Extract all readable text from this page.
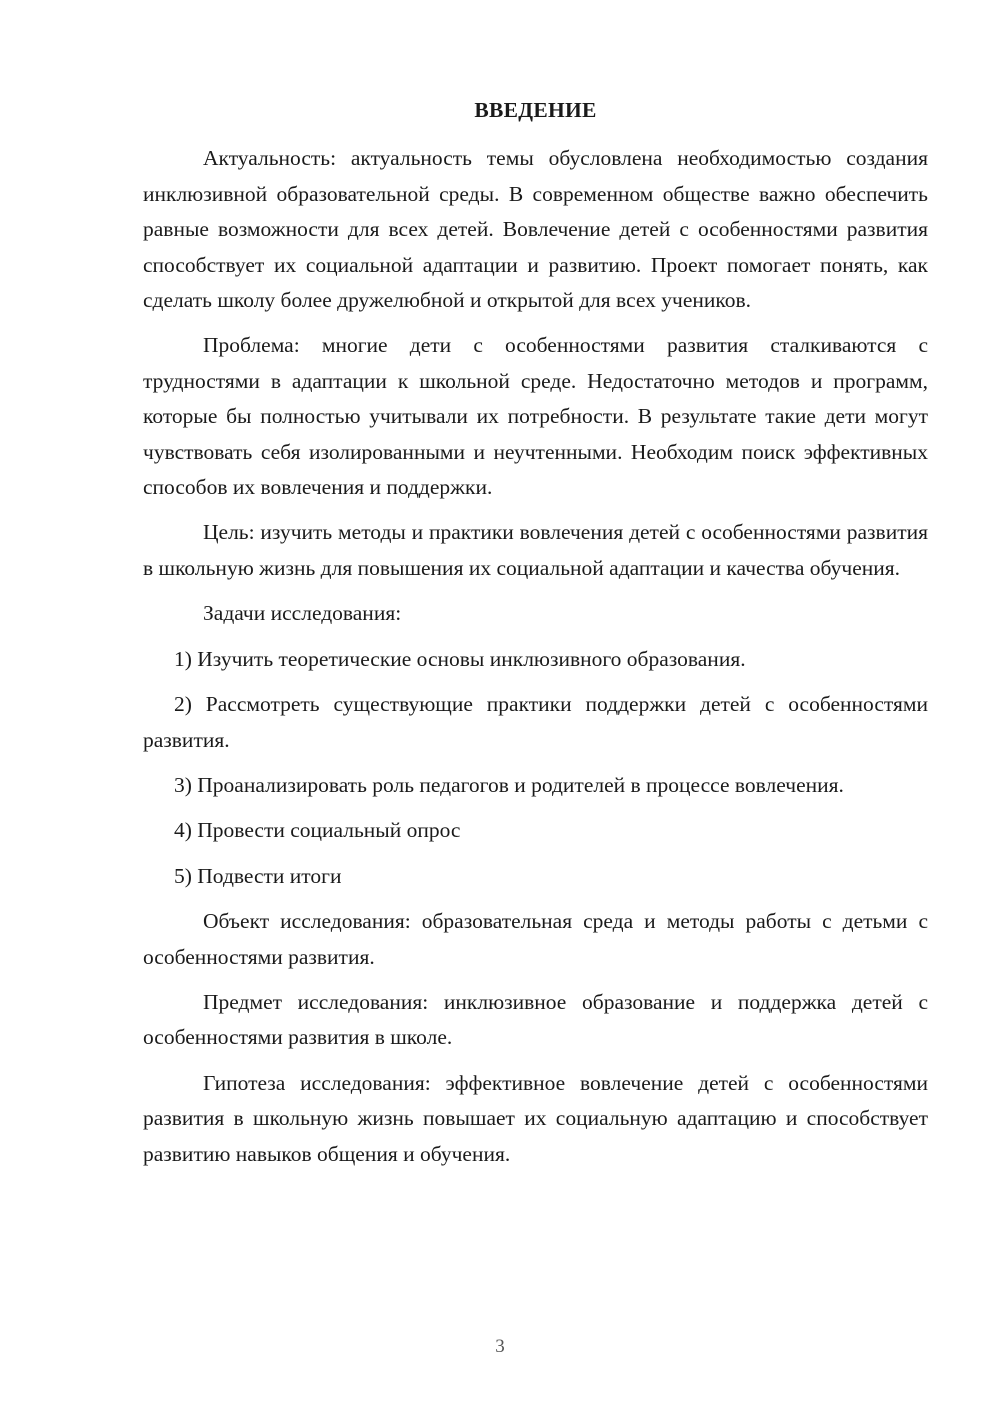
ВВЕДЕНИЕ

Актуальность: актуальность темы обусловлена необходимостью создания инклюзивной образовательной среды. В современном обществе важно обеспечить равные возможности для всех детей. Вовлечение детей с особенностями развития способствует их социальной адаптации и развитию. Проект помогает понять, как сделать школу более дружелюбной и открытой для всех учеников.

Проблема: многие дети с особенностями развития сталкиваются с трудностями в адаптации к школьной среде. Недостаточно методов и программ, которые бы полностью учитывали их потребности. В результате такие дети могут чувствовать себя изолированными и неучтенными. Необходим поиск эффективных способов их вовлечения и поддержки.

Цель: изучить методы и практики вовлечения детей с особенностями развития в школьную жизнь для повышения их социальной адаптации и качества обучения.

Задачи исследования:

1) Изучить теоретические основы инклюзивного образования.

2) Рассмотреть существующие практики поддержки детей с особенностями развития.

3) Проанализировать роль педагогов и родителей в процессе вовлечения.

4) Провести социальный опрос

5) Подвести итоги

Объект исследования: образовательная среда и методы работы с детьми с особенностями развития.

Предмет исследования: инклюзивное образование и поддержка детей с особенностями развития в школе.

Гипотеза исследования: эффективное вовлечение детей с особенностями развития в школьную жизнь повышает их социальную адаптацию и способствует развитию навыков общения и обучения.

3
